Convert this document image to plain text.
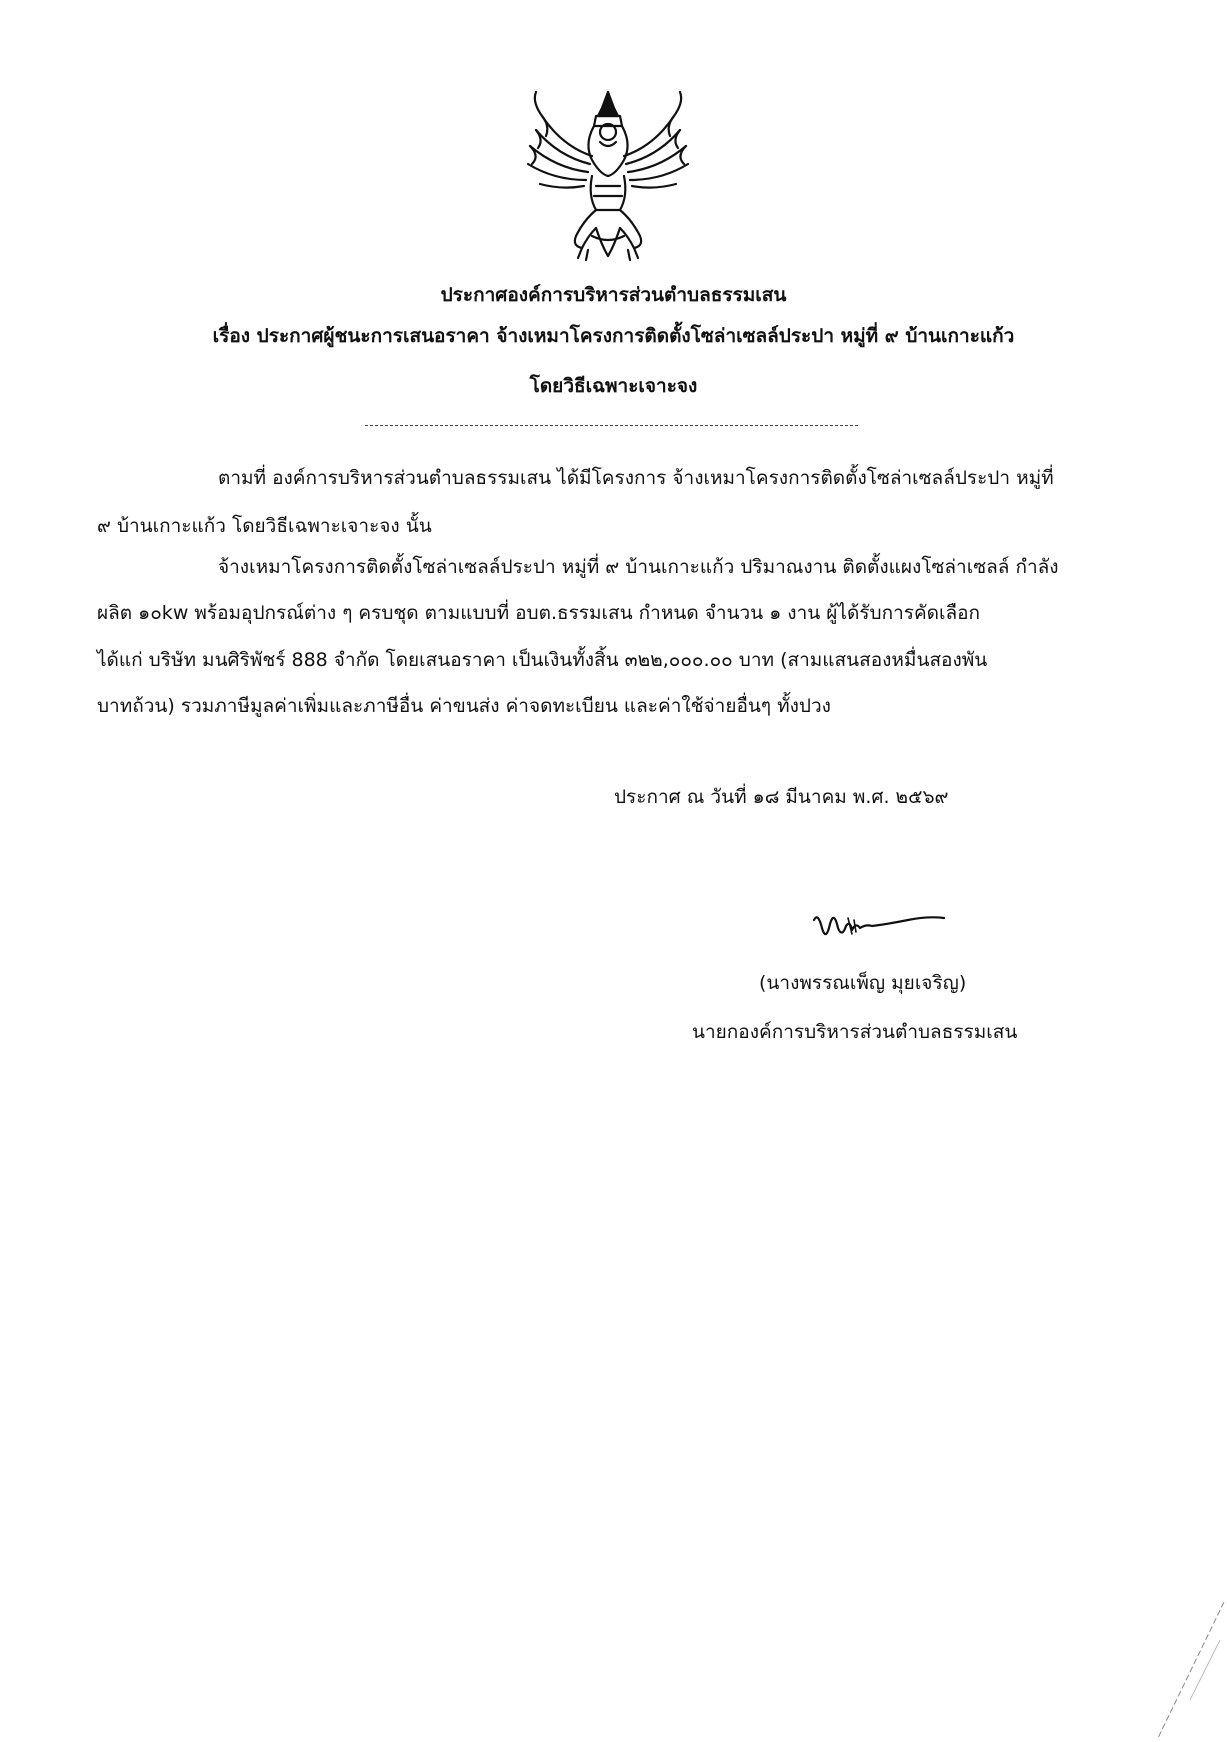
ประกาศองค์การบริหารส่วนตำบลธรรมเสน
เรื่อง ประกาศผู้ชนะการเสนอราคา จ้างเหมาโครงการติดตั้งโซล่าเซลล์ประปา หมู่ที่ ๙ บ้านเกาะแก้ว
โดยวิธีเฉพาะเจาะจง
ตามที่ องค์การบริหารส่วนตำบลธรรมเสน ได้มีโครงการ จ้างเหมาโครงการติดตั้งโซล่าเซลล์ประปา หมู่ที่
๙ บ้านเกาะแก้ว โดยวิธีเฉพาะเจาะจง นั้น
จ้างเหมาโครงการติดตั้งโซล่าเซลล์ประปา หมู่ที่ ๙ บ้านเกาะแก้ว ปริมาณงาน ติดตั้งแผงโซล่าเซลล์ กำลัง
ผลิต ๑๐kw พร้อมอุปกรณ์ต่าง ๆ ครบชุด ตามแบบที่ อบต.ธรรมเสน กำหนด จำนวน ๑ งาน ผู้ได้รับการคัดเลือก
ได้แก่ บริษัท มนศิริพัชร์ 888 จำกัด โดยเสนอราคา เป็นเงินทั้งสิ้น ๓๒๒,๐๐๐.๐๐ บาท (สามแสนสองหมื่นสองพัน
บาทถ้วน) รวมภาษีมูลค่าเพิ่มและภาษีอื่น ค่าขนส่ง ค่าจดทะเบียน และค่าใช้จ่ายอื่นๆ ทั้งปวง
ประกาศ ณ วันที่ ๑๘ มีนาคม พ.ศ. ๒๕๖๙
(นางพรรณเพ็ญ มุยเจริญ)
นายกองค์การบริหารส่วนตำบลธรรมเสน
